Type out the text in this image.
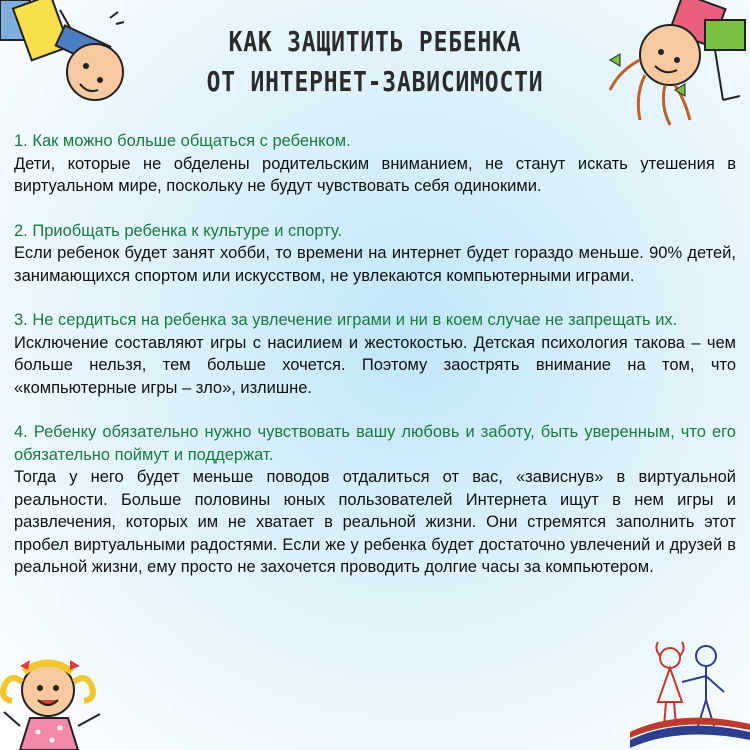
КАК ЗАЩИТИТЬ РЕБЕНКА
ОТ ИНТЕРНЕТ-ЗАВИСИМОСТИ
1. Как можно больше общаться с ребенком.
Дети, которые не обделены родительским вниманием, не станут искать утешения в виртуальном мире, поскольку не будут чувствовать себя одинокими.
2. Приобщать ребенка к культуре и спорту.
Если ребенок будет занят хобби, то времени на интернет будет гораздо меньше. 90% детей, занимающихся спортом или искусством, не увлекаются компьютерными играми.
3. Не сердиться на ребенка за увлечение играми и ни в коем случае не запрещать их.
Исключение составляют игры с насилием и жестокостью. Детская психология такова – чем больше нельзя, тем больше хочется. Поэтому заострять внимание на том, что «компьютерные игры – зло», излишне.
4. Ребенку обязательно нужно чувствовать вашу любовь и заботу, быть уверенным, что его обязательно поймут и поддержат.
Тогда у него будет меньше поводов отдалиться от вас, «зависнув» в виртуальной реальности. Больше половины юных пользователей Интернета ищут в нем игры и развлечения, которых им не хватает в реальной жизни. Они стремятся заполнить этот пробел виртуальными радостями. Если же у ребенка будет достаточно увлечений и друзей в реальной жизни, ему просто не захочется проводить долгие часы за компьютером.
